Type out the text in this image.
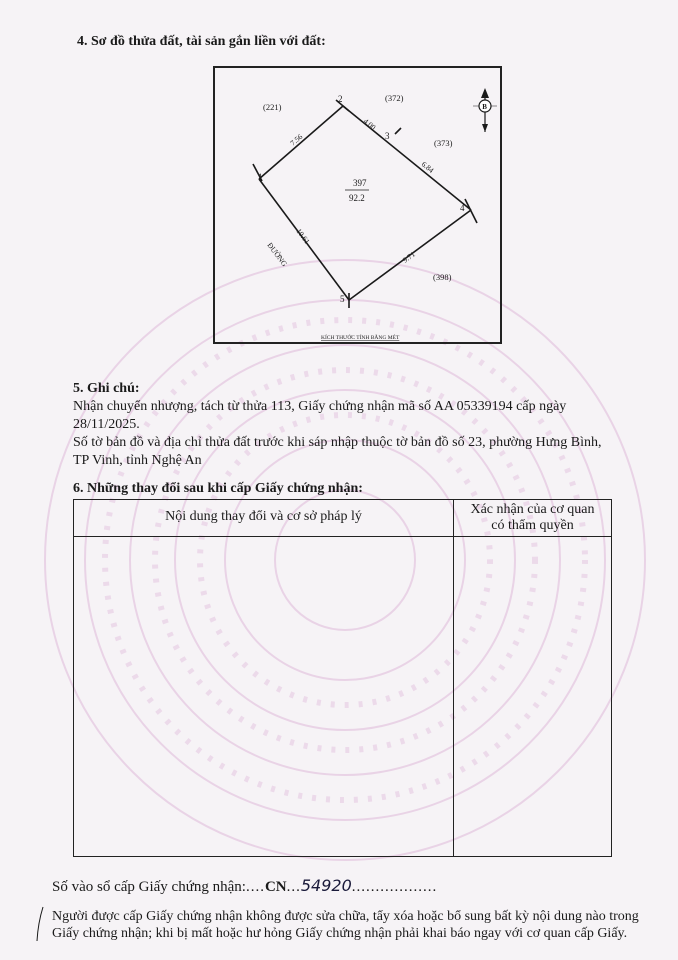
4. Sơ đồ thửa đất, tài sản gắn liền với đất:
397
92.2
1
2
3
4
5
7.56
4.00
6.84
9.71
10.61
(221)
(372)
(373)
(398)
ĐƯỜNG
B
KÍCH THƯỚC TÍNH BẰNG MÉT
5. Ghi chú:
Nhận chuyển nhượng, tách từ thửa 113, Giấy chứng nhận mã số AA 05339194 cấp ngày
28/11/2025.
Số tờ bản đồ và địa chỉ thửa đất trước khi sáp nhập thuộc tờ bản đồ số 23, phường Hưng Bình,
TP Vinh, tỉnh Nghệ An
6. Những thay đổi sau khi cấp Giấy chứng nhận:
Nội dung thay đổi và cơ sở pháp lý	Xác nhận của cơ quan
có thẩm quyền
Số vào sổ cấp Giấy chứng nhận:....CN...54920..................
Người được cấp Giấy chứng nhận không được sửa chữa, tẩy xóa hoặc bổ sung bất kỳ nội dung nào trong
Giấy chứng nhận; khi bị mất hoặc hư hỏng Giấy chứng nhận phải khai báo ngay với cơ quan cấp Giấy.
